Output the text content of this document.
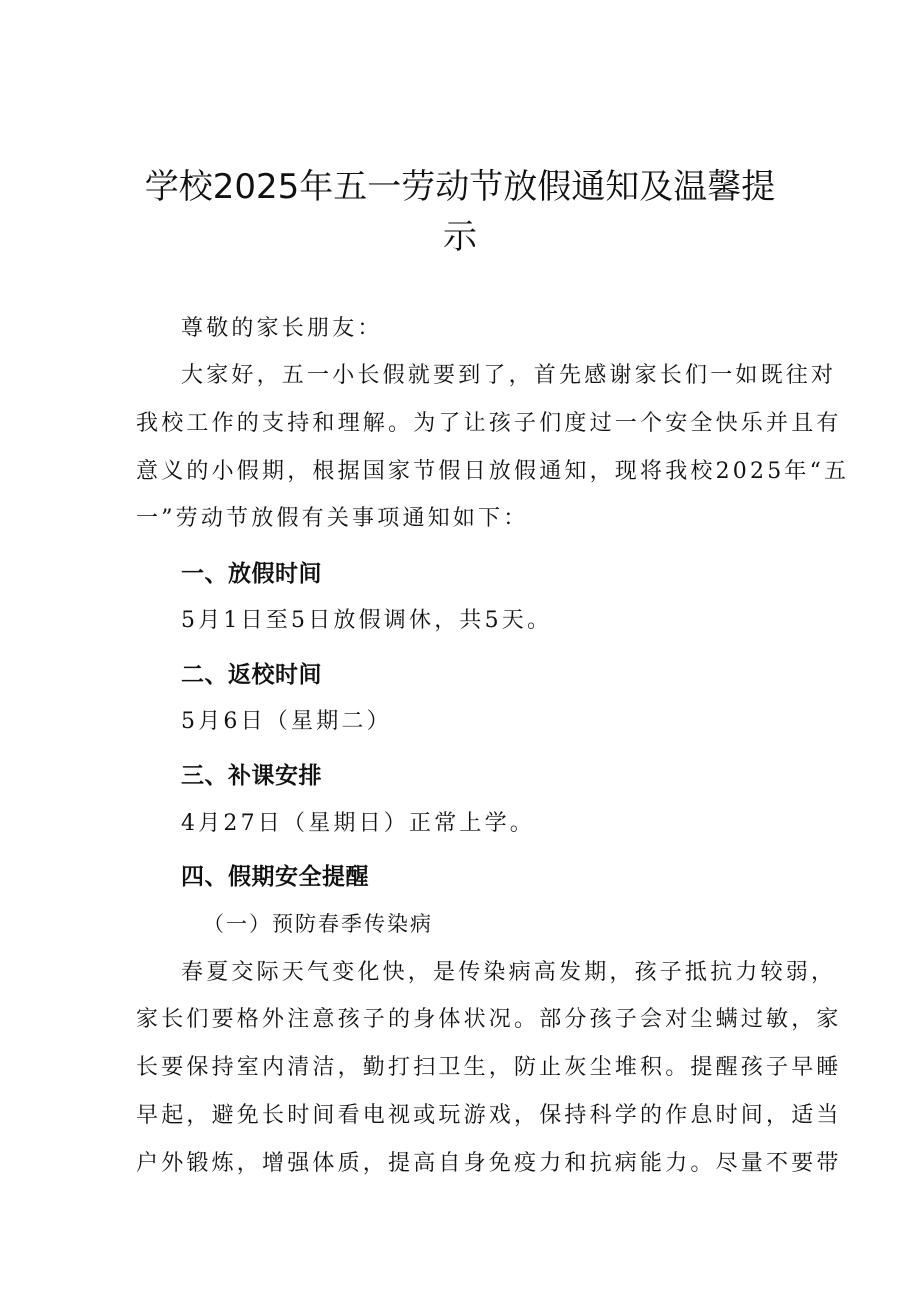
学校2025年五一劳动节放假通知及温馨提
示

尊敬的家长朋友：

大家好，五一小长假就要到了，首先感谢家长们一如既往对

我校工作的支持和理解。为了让孩子们度过一个安全快乐并且有

意义的小假期，根据国家节假日放假通知，现将我校2025年“五

一”劳动节放假有关事项通知如下：

一、放假时间

5月1日至5日放假调休，共5天。

二、返校时间

5月6日（星期二）

三、补课安排

4月27日（星期日）正常上学。

四、假期安全提醒

（一）预防春季传染病

春夏交际天气变化快，是传染病高发期，孩子抵抗力较弱，

家长们要格外注意孩子的身体状况。部分孩子会对尘螨过敏，家

长要保持室内清洁，勤打扫卫生，防止灰尘堆积。提醒孩子早睡

早起，避免长时间看电视或玩游戏，保持科学的作息时间，适当

户外锻炼，增强体质，提高自身免疫力和抗病能力。尽量不要带
